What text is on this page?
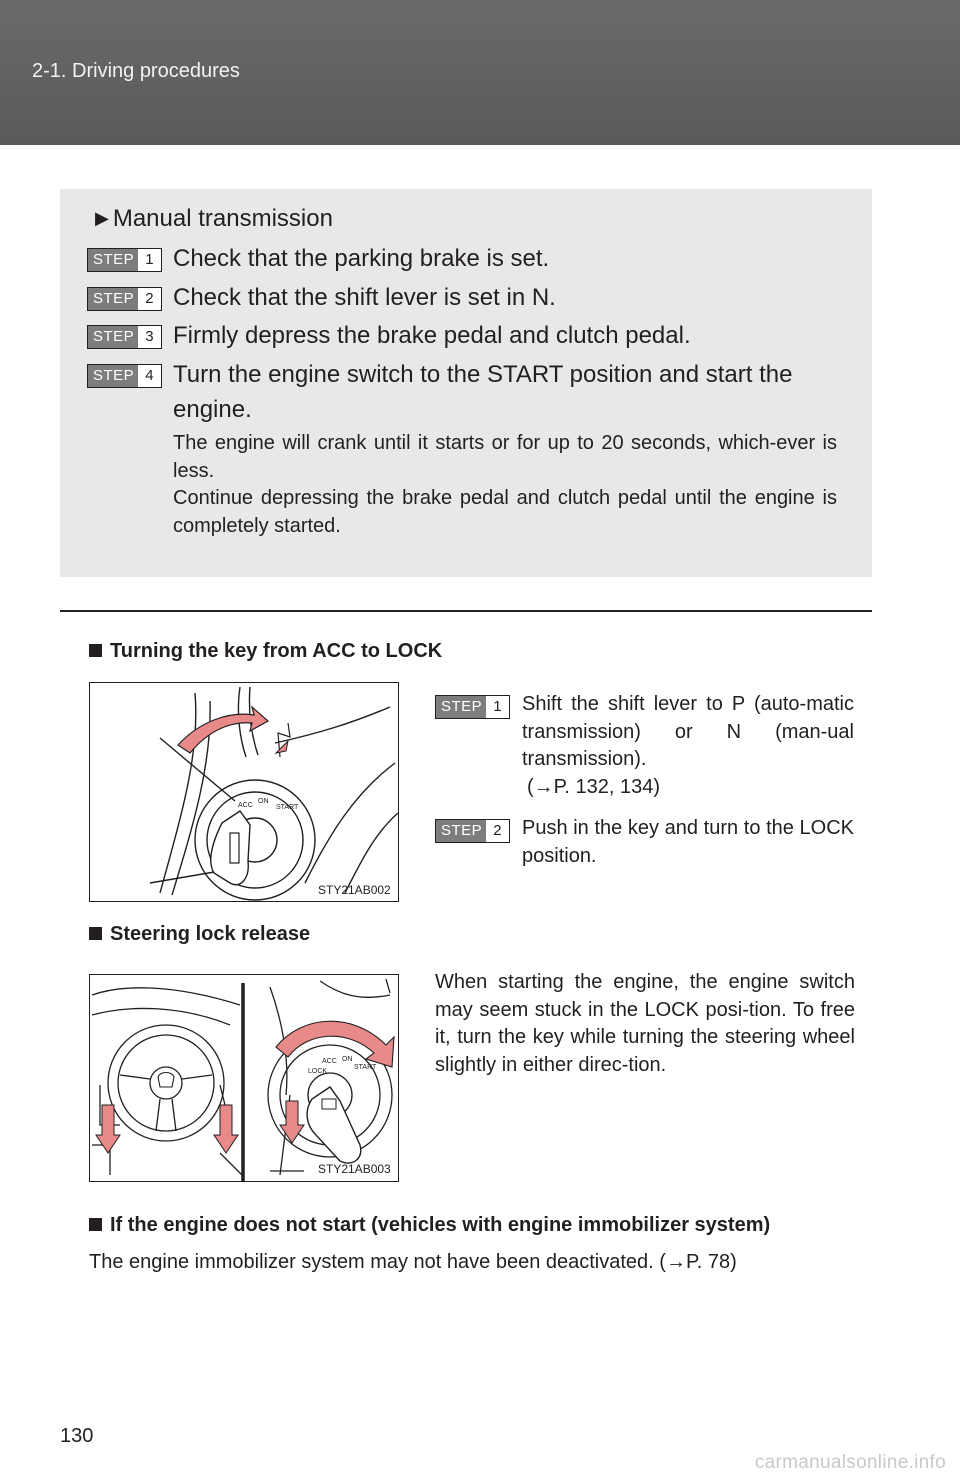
2-1. Driving procedures
▶ Manual transmission
STEP 1 Check that the parking brake is set.
STEP 2 Check that the shift lever is set in N.
STEP 3 Firmly depress the brake pedal and clutch pedal.
STEP 4 Turn the engine switch to the START position and start the
engine.
The engine will crank until it starts or for up to 20 seconds, which-ever is less.
Continue depressing the brake pedal and clutch pedal until the engine is completely started.
Turning the key from ACC to LOCK
ACC
ON
START
STY21AB002
STEP 1	Shift the shift lever to P (auto-matic transmission) or N (man-ual transmission).
(→P. 132, 134)
STEP 2	Push in the key and turn to the LOCK position.
Steering lock release
LOCK
ACC ON
START
STY21AB003
When starting the engine, the engine switch may seem stuck in the LOCK posi-tion. To free it, turn the key while turning the steering wheel slightly in either direc-tion.
If the engine does not start (vehicles with engine immobilizer system)
The engine immobilizer system may not have been deactivated. (→P. 78)
130
carmanualsonline.info
